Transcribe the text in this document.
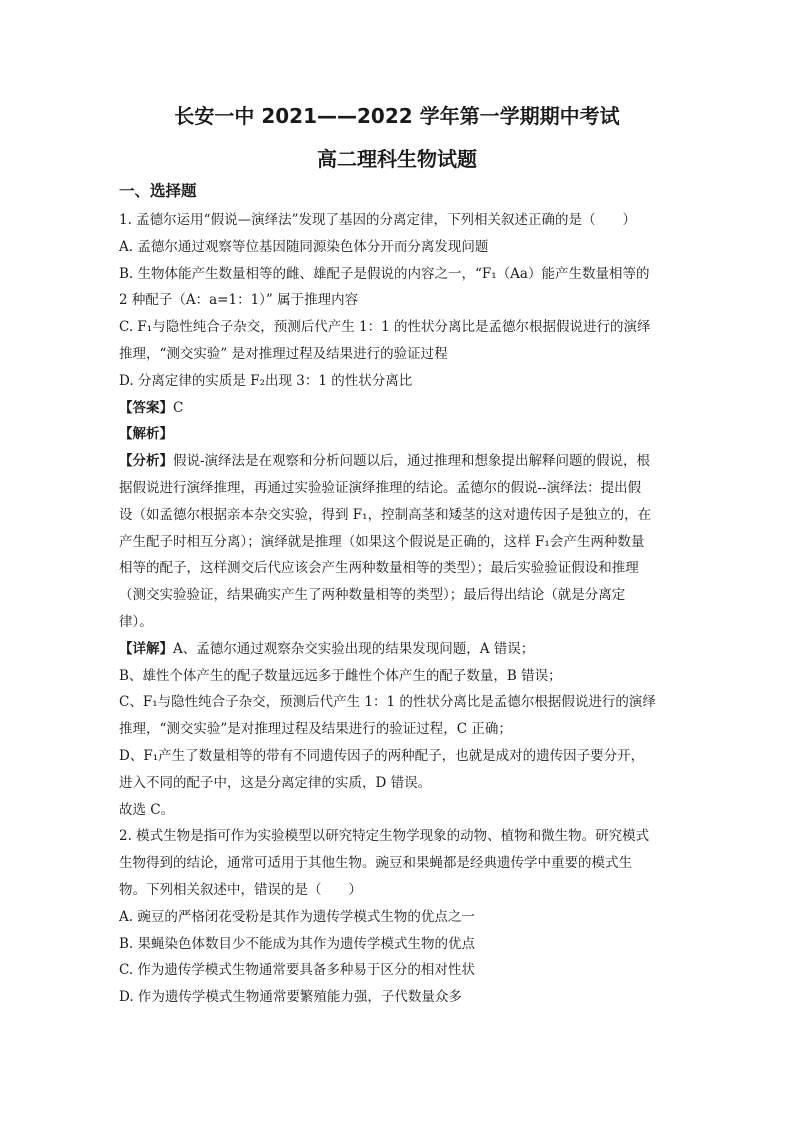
长安一中 2021——2022 学年第一学期期中考试
高二理科生物试题
一、选择题
1. 孟德尔运用“假说—演绎法”发现了基因的分离定律，下列相关叙述正确的是（　　）
A. 孟德尔通过观察等位基因随同源染色体分开而分离发现问题
B. 生物体能产生数量相等的雌、雄配子是假说的内容之一，“F₁（Aa）能产生数量相等的
2 种配子（A：a=1：1）” 属于推理内容
C. F₁与隐性纯合子杂交，预测后代产生 1：1 的性状分离比是孟德尔根据假说进行的演绎
推理，“测交实验” 是对推理过程及结果进行的验证过程
D. 分离定律的实质是 F₂出现 3：1 的性状分离比
【答案】C
【解析】
【分析】假说-演绎法是在观察和分析问题以后，通过推理和想象提出解释问题的假说，根
据假说进行演绎推理，再通过实验验证演绎推理的结论。孟德尔的假说--演绎法：提出假
设（如孟德尔根据亲本杂交实验，得到 F₁，控制高茎和矮茎的这对遗传因子是独立的，在
产生配子时相互分离）；演绎就是推理（如果这个假说是正确的，这样 F₁会产生两种数量
相等的配子，这样测交后代应该会产生两种数量相等的类型）；最后实验验证假设和推理
（测交实验验证，结果确实产生了两种数量相等的类型）；最后得出结论（就是分离定
律）。
【详解】A、孟德尔通过观察杂交实验出现的结果发现问题，A 错误；
B、雄性个体产生的配子数量远远多于雌性个体产生的配子数量，B 错误；
C、F₁与隐性纯合子杂交，预测后代产生 1：1 的性状分离比是孟德尔根据假说进行的演绎
推理，“测交实验”是对推理过程及结果进行的验证过程，C 正确；
D、F₁产生了数量相等的带有不同遗传因子的两种配子，也就是成对的遗传因子要分开，
进入不同的配子中，这是分离定律的实质，D 错误。
故选 C。
2. 模式生物是指可作为实验模型以研究特定生物学现象的动物、植物和微生物。研究模式
生物得到的结论，通常可适用于其他生物。豌豆和果蝇都是经典遗传学中重要的模式生
物。下列相关叙述中，错误的是（　　）
A. 豌豆的严格闭花受粉是其作为遗传学模式生物的优点之一
B. 果蝇染色体数目少不能成为其作为遗传学模式生物的优点
C. 作为遗传学模式生物通常要具备多种易于区分的相对性状
D. 作为遗传学模式生物通常要繁殖能力强，子代数量众多
